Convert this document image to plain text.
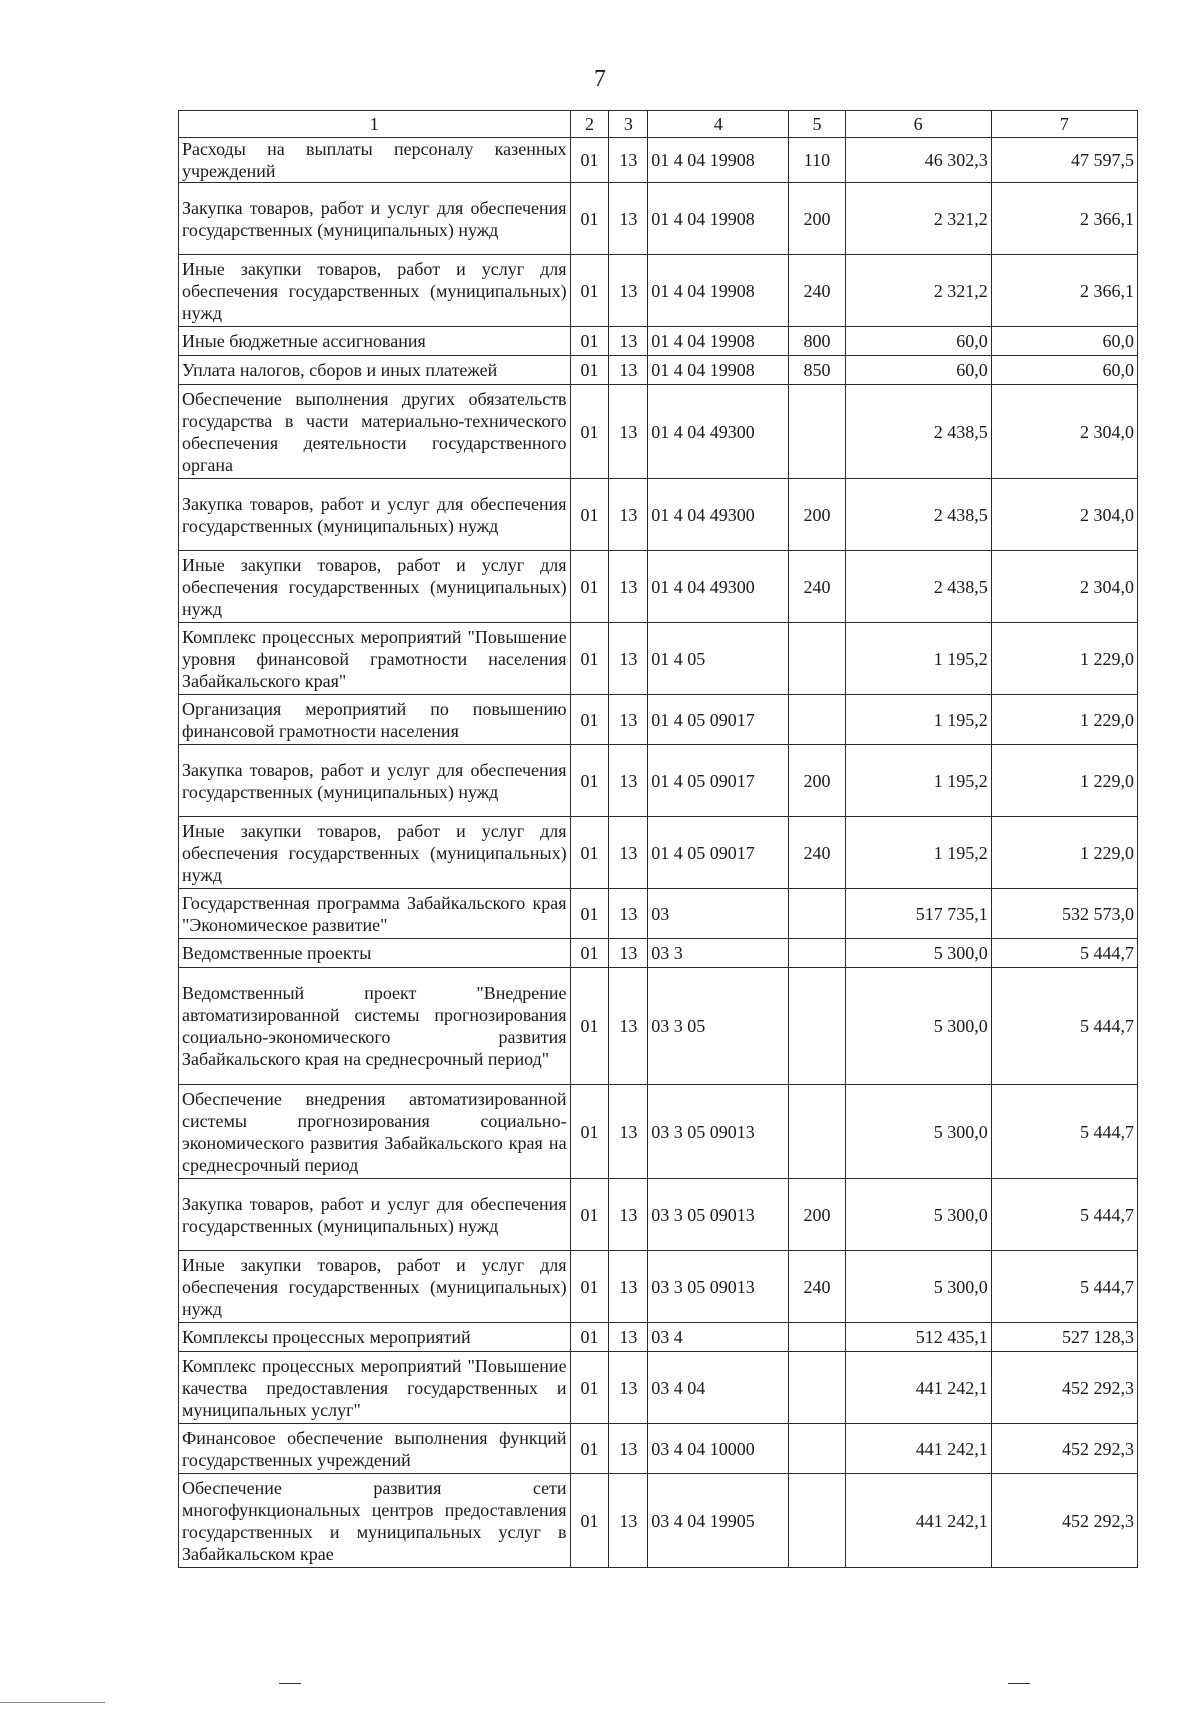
7
1	2	3	4	5	6	7
Расходы на выплаты персоналу казенных учреждений	01	13	01 4 04 19908	110	46 302,3	47 597,5
Закупка товаров, работ и услуг для обеспечения государственных (муниципальных) нужд	01	13	01 4 04 19908	200	2 321,2	2 366,1
Иные закупки товаров, работ и услуг для обеспечения государственных (муниципальных) нужд	01	13	01 4 04 19908	240	2 321,2	2 366,1
Иные бюджетные ассигнования	01	13	01 4 04 19908	800	60,0	60,0
Уплата налогов, сборов и иных платежей	01	13	01 4 04 19908	850	60,0	60,0
Обеспечение выполнения других обязательств государства в части материально-технического обеспечения деятельности государственного органа	01	13	01 4 04 49300		2 438,5	2 304,0
Закупка товаров, работ и услуг для обеспечения государственных (муниципальных) нужд	01	13	01 4 04 49300	200	2 438,5	2 304,0
Иные закупки товаров, работ и услуг для обеспечения государственных (муниципальных) нужд	01	13	01 4 04 49300	240	2 438,5	2 304,0
Комплекс процессных мероприятий "Повышение уровня финансовой грамотности населения Забайкальского края"	01	13	01 4 05		1 195,2	1 229,0
Организация мероприятий по повышению финансовой грамотности населения	01	13	01 4 05 09017		1 195,2	1 229,0
Закупка товаров, работ и услуг для обеспечения государственных (муниципальных) нужд	01	13	01 4 05 09017	200	1 195,2	1 229,0
Иные закупки товаров, работ и услуг для обеспечения государственных (муниципальных) нужд	01	13	01 4 05 09017	240	1 195,2	1 229,0
Государственная программа Забайкальского края "Экономическое развитие"	01	13	03		517 735,1	532 573,0
Ведомственные проекты	01	13	03 3		5 300,0	5 444,7
Ведомственный проект "Внедрение автоматизированной системы прогнозирования социально-экономического развития Забайкальского края на среднесрочный период"	01	13	03 3 05		5 300,0	5 444,7
Обеспечение внедрения автоматизированной системы прогнозирования социально-экономического развития Забайкальского края на среднесрочный период	01	13	03 3 05 09013		5 300,0	5 444,7
Закупка товаров, работ и услуг для обеспечения государственных (муниципальных) нужд	01	13	03 3 05 09013	200	5 300,0	5 444,7
Иные закупки товаров, работ и услуг для обеспечения государственных (муниципальных) нужд	01	13	03 3 05 09013	240	5 300,0	5 444,7
Комплексы процессных мероприятий	01	13	03 4		512 435,1	527 128,3
Комплекс процессных мероприятий "Повышение качества предоставления государственных и муниципальных услуг"	01	13	03 4 04		441 242,1	452 292,3
Финансовое обеспечение выполнения функций государственных учреждений	01	13	03 4 04 10000		441 242,1	452 292,3
Обеспечение развития сети многофункциональных центров предоставления государственных и муниципальных услуг в Забайкальском крае	01	13	03 4 04 19905		441 242,1	452 292,3
